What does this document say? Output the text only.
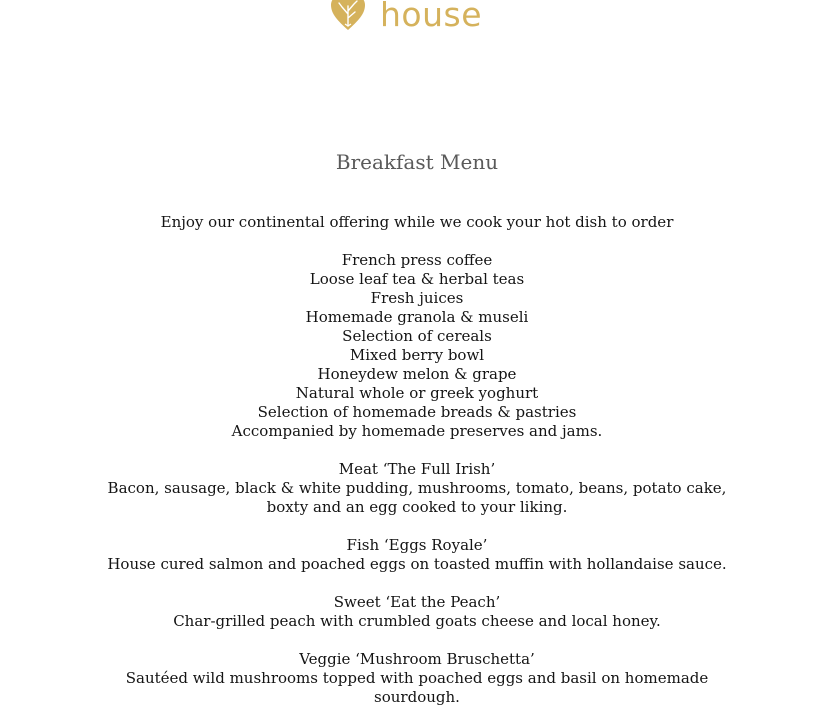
house
Breakfast Menu

Enjoy our continental offering while we cook your hot dish to order

French press coffee

Loose leaf tea & herbal teas

Fresh juices

Homemade granola & museli

Selection of cereals

Mixed berry bowl

Honeydew melon & grape

Natural whole or greek yoghurt

Selection of homemade breads & pastries

Accompanied by homemade preserves and jams.

Meat ‘The Full Irish’

Bacon, sausage, black & white pudding, mushrooms, tomato, beans, potato cake,

boxty and an egg cooked to your liking.

Fish ‘Eggs Royale’

House cured salmon and poached eggs on toasted muffin with hollandaise sauce.

Sweet ‘Eat the Peach’

Char-grilled peach with crumbled goats cheese and local honey.

Veggie ‘Mushroom Bruschetta’

Sautéed wild mushrooms topped with poached eggs and basil on homemade

sourdough.
